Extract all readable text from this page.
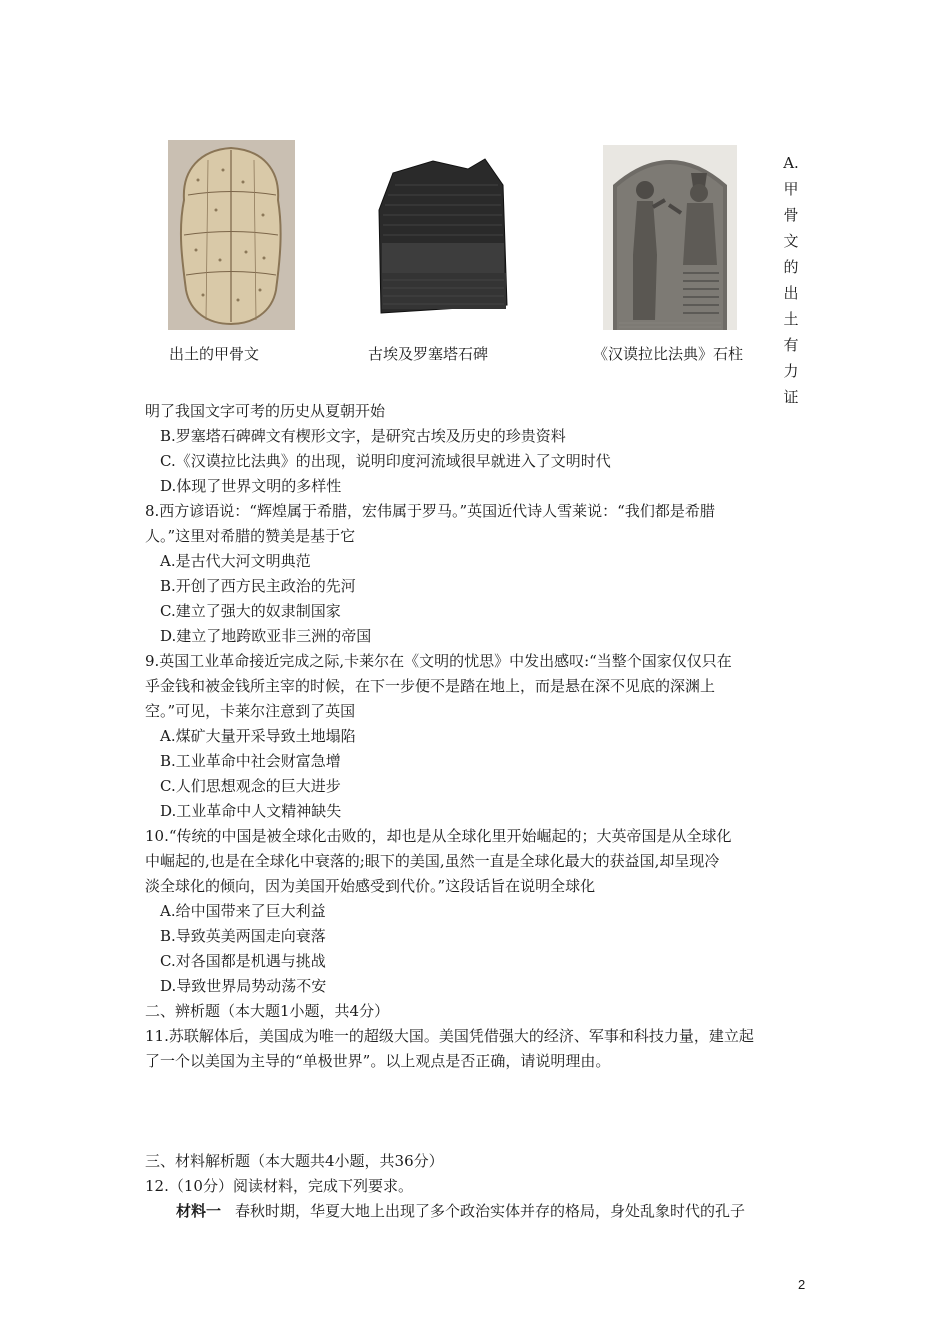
出土的甲骨文	古埃及罗塞塔石碑	《汉谟拉比法典》石柱
A.
甲
骨
文
的
出
土
有
力
证
明了我国文字可考的历史从夏朝开始
B.罗塞塔石碑碑文有楔形文字，是研究古埃及历史的珍贵资料
C.《汉谟拉比法典》的出现，说明印度河流域很早就进入了文明时代
D.体现了世界文明的多样性
8.西方谚语说：“辉煌属于希腊，宏伟属于罗马。”英国近代诗人雪莱说：“我们都是希腊
人。”这里对希腊的赞美是基于它
A.是古代大河文明典范
B.开创了西方民主政治的先河
C.建立了强大的奴隶制国家
D.建立了地跨欧亚非三洲的帝国
9.英国工业革命接近完成之际,卡莱尔在《文明的忧思》中发出感叹:“当整个国家仅仅只在
乎金钱和被金钱所主宰的时候，在下一步便不是踏在地上，而是悬在深不见底的深渊上
空。”可见，卡莱尔注意到了英国
A.煤矿大量开采导致土地塌陷
B.工业革命中社会财富急增
C.人们思想观念的巨大进步
D.工业革命中人文精神缺失
10.“传统的中国是被全球化击败的，却也是从全球化里开始崛起的；大英帝国是从全球化
中崛起的,也是在全球化中衰落的;眼下的美国,虽然一直是全球化最大的获益国,却呈现冷
淡全球化的倾向，因为美国开始感受到代价。”这段话旨在说明全球化
A.给中国带来了巨大利益
B.导致英美两国走向衰落
C.对各国都是机遇与挑战
D.导致世界局势动荡不安
二、辨析题（本大题1小题，共4分）
11.苏联解体后，美国成为唯一的超级大国。美国凭借强大的经济、军事和科技力量，建立起
了一个以美国为主导的“单极世界”。以上观点是否正确，请说明理由。
三、材料解析题（本大题共4小题，共36分）
12.（10分）阅读材料，完成下列要求。
材料一 春秋时期，华夏大地上出现了多个政治实体并存的格局，身处乱象时代的孔子
2
